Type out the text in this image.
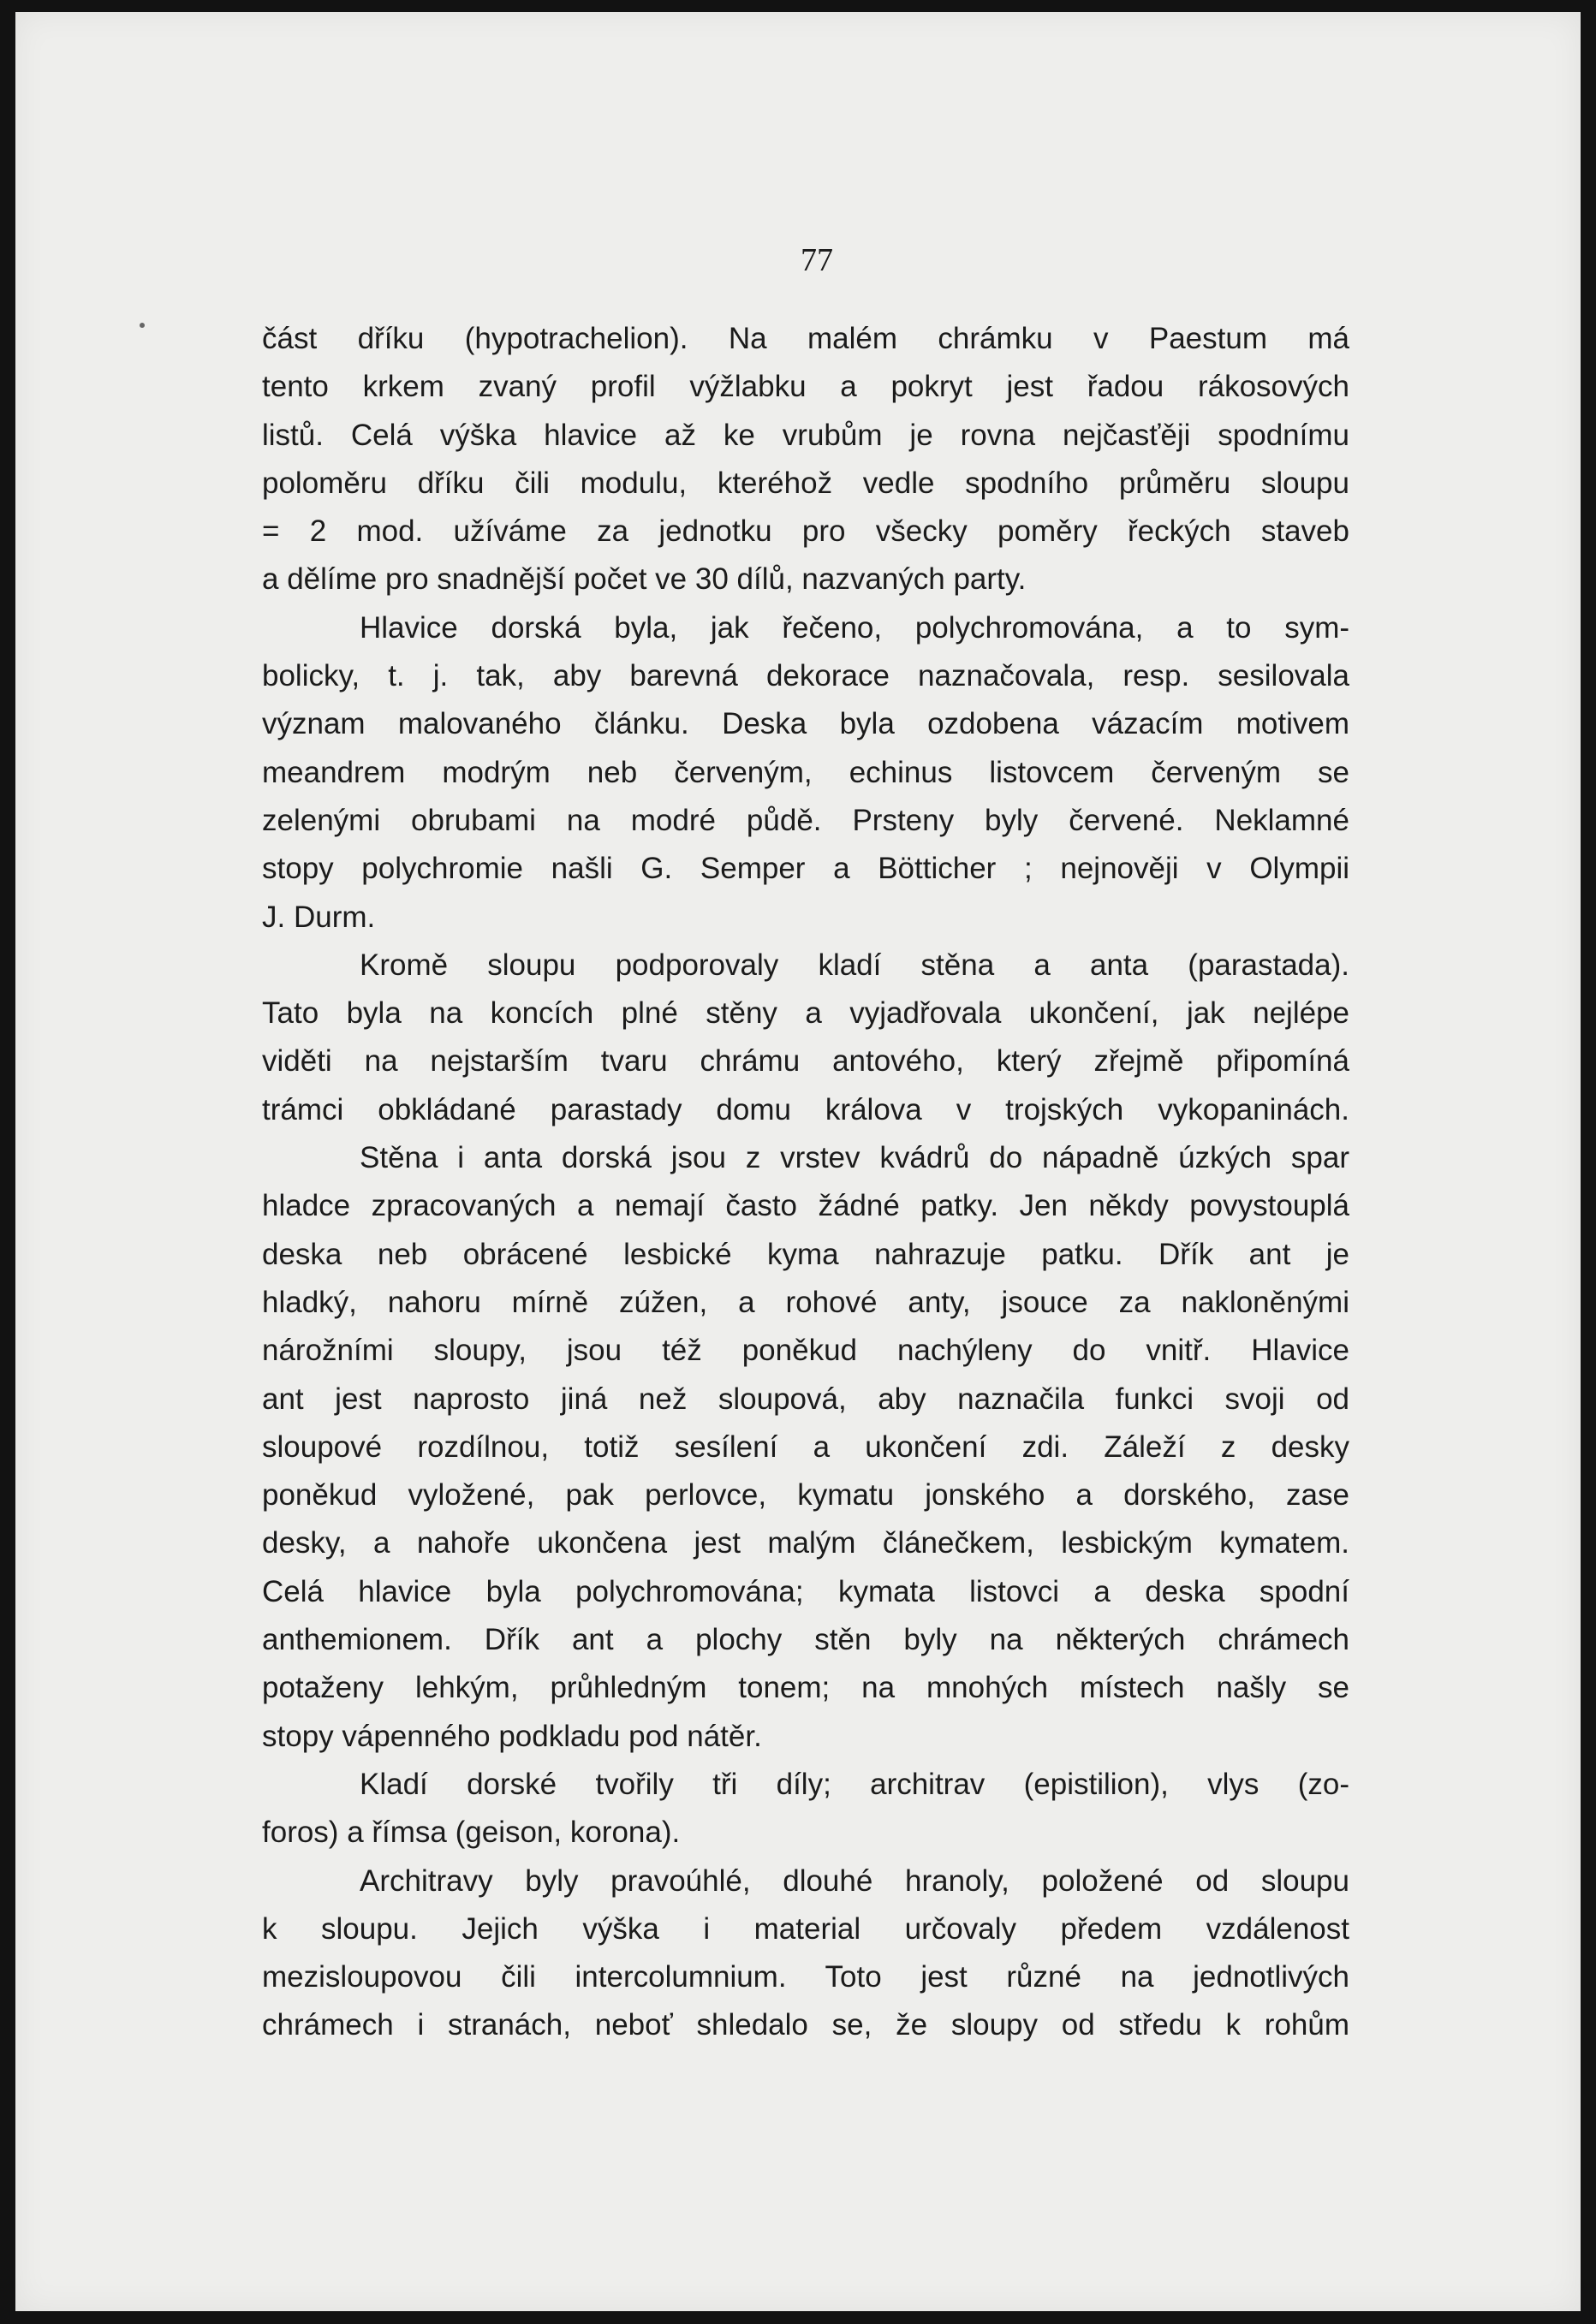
77
část dříku (hypotrachelion). Na malém chrámku v Paestum má
tento krkem zvaný profil výžlabku a pokryt jest řadou rákosových
listů. Celá výška hlavice až ke vrubům je rovna nejčasťěji spodnímu
poloměru dříku čili modulu, kteréhož vedle spodního průměru sloupu
= 2 mod. užíváme za jednotku pro všecky poměry řeckých staveb
a dělíme pro snadnější počet ve 30 dílů, nazvaných party.
Hlavice dorská byla, jak řečeno, polychromována, a to sym-
bolicky, t. j. tak, aby barevná dekorace naznačovala, resp. sesilovala
význam malovaného článku. Deska byla ozdobena vázacím motivem
meandrem modrým neb červeným, echinus listovcem červeným se
zelenými obrubami na modré půdě. Prsteny byly červené. Neklamné
stopy polychromie našli G. Semper a Bötticher ; nejnověji v Olympii
J. Durm.
Kromě sloupu podporovaly kladí stěna a anta (parastada).
Tato byla na koncích plné stěny a vyjadřovala ukončení, jak nejlépe
viděti na nejstarším tvaru chrámu antového, který zřejmě připomíná
trámci obkládané parastady domu králova v trojských vykopaninách.
Stěna i anta dorská jsou z vrstev kvádrů do nápadně úzkých spar
hladce zpracovaných a nemají často žádné patky. Jen někdy povystouplá
deska neb obrácené lesbické kyma nahrazuje patku. Dřík ant je
hladký, nahoru mírně zúžen, a rohové anty, jsouce za nakloněnými
nárožními sloupy, jsou též poněkud nachýleny do vnitř. Hlavice
ant jest naprosto jiná než sloupová, aby naznačila funkci svoji od
sloupové rozdílnou, totiž sesílení a ukončení zdi. Záleží z desky
poněkud vyložené, pak perlovce, kymatu jonského a dorského, zase
desky, a nahoře ukončena jest malým článečkem, lesbickým kymatem.
Celá hlavice byla polychromována; kymata listovci a deska spodní
anthemionem. Dřík ant a plochy stěn byly na některých chrámech
potaženy lehkým, průhledným tonem; na mnohých místech našly se
stopy vápenného podkladu pod nátěr.
Kladí dorské tvořily tři díly; architrav (epistilion), vlys (zo-
foros) a římsa (geison, korona).
Architravy byly pravoúhlé, dlouhé hranoly, položené od sloupu
k sloupu. Jejich výška i material určovaly předem vzdálenost
mezisloupovou čili intercolumnium. Toto jest různé na jednotlivých
chrámech i stranách, neboť shledalo se, že sloupy od středu k rohům
